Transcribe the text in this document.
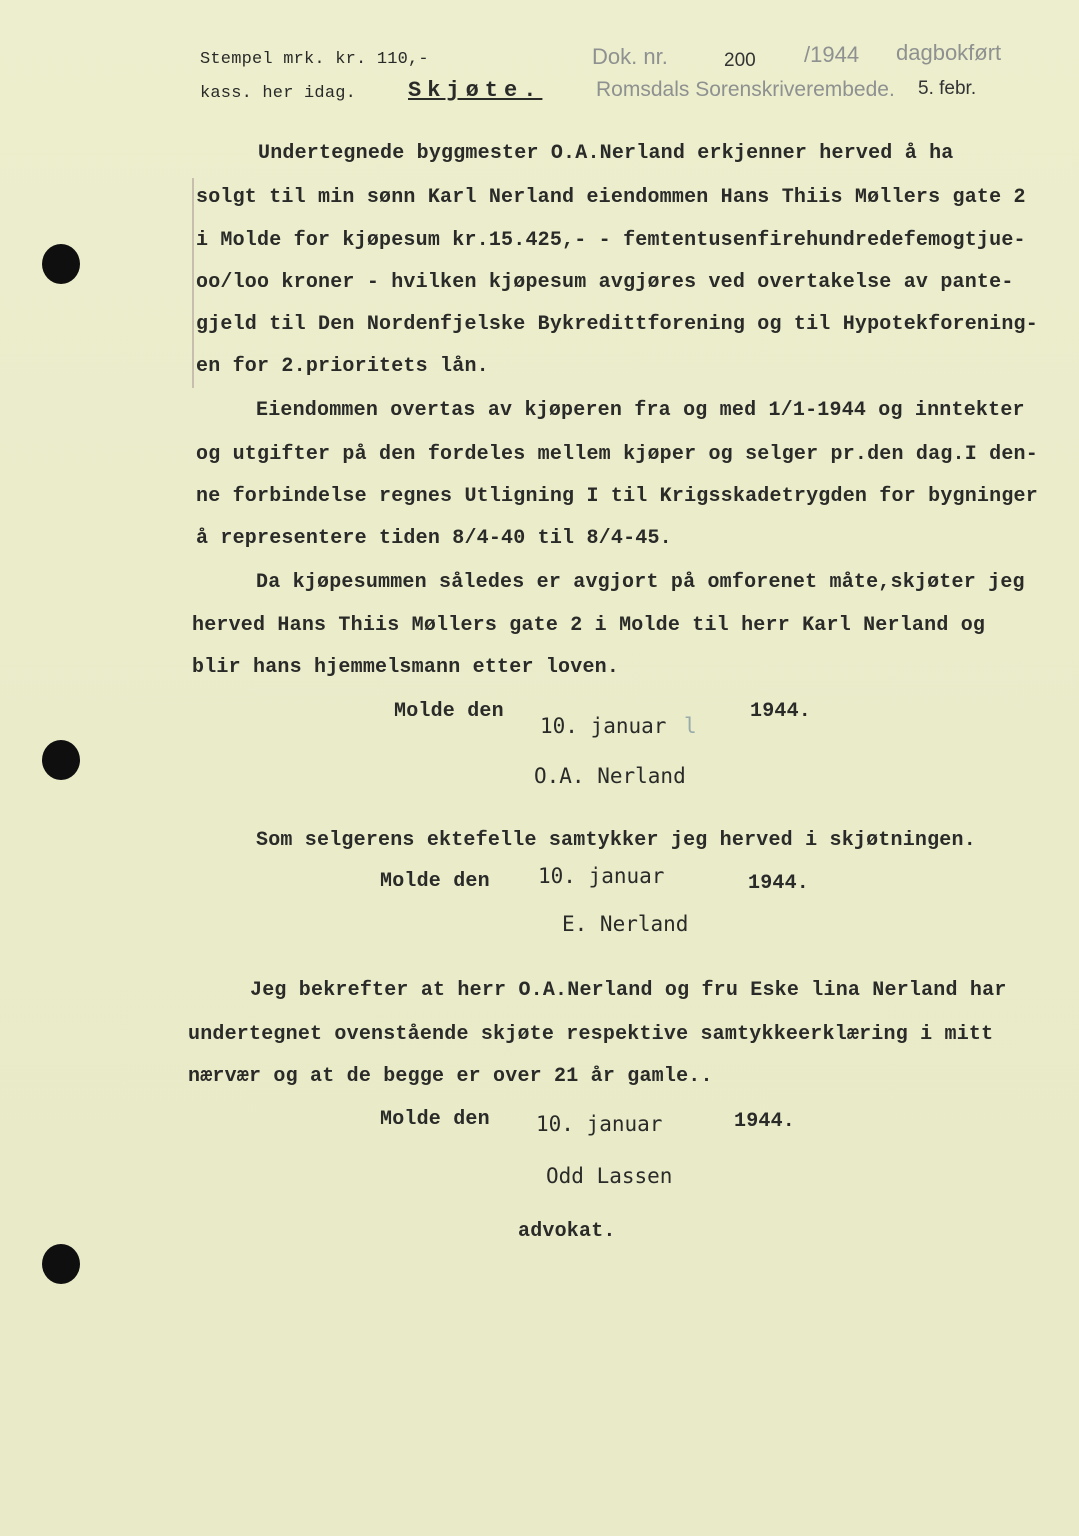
Stempel mrk. kr. 110,-
kass. her idag. Skjøte.
Dok. nr.	200 /1944 dagbokført
Romsdals Sorenskriverembede. 5. febr.
Undertegnede byggmester O.A.Nerland erkjenner herved å ha
solgt til min sønn Karl Nerland eiendommen Hans Thiis Møllers gate 2
i Molde for kjøpesum kr.15.425,- - femtentusenfirehundredefemogtjue-
oo/loo kroner - hvilken kjøpesum avgjøres ved overtakelse av pante-
gjeld til Den Nordenfjelske Bykredittforening og til Hypotekforening-
en for 2.prioritets lån.
Eiendommen overtas av kjøperen fra og med 1/1-1944 og inntekter
og utgifter på den fordeles mellem kjøper og selger pr.den dag.I den-
ne forbindelse regnes Utligning I til Krigsskadetrygden for bygninger
å representere tiden 8/4-40 til 8/4-45.
Da kjøpesummen således er avgjort på omforenet måte,skjøter jeg
herved Hans Thiis Møllers gate 2 i Molde til herr Karl Nerland og
blir hans hjemmelsmann etter loven.
Molde den
10. januar l
1944.
O.A. Nerland
Som selgerens ektefelle samtykker jeg herved i skjøtningen.
Molde den 10. januar	1944.
E. Nerland
Jeg bekrefter at herr O.A.Nerland og fru Eske lina Nerland har
undertegnet ovenstående skjøte respektive samtykkeerklæring i mitt
nærvær og at de begge er over 21 år gamle..
Molde den 10. januar	1944.
Odd Lassen
advokat.
